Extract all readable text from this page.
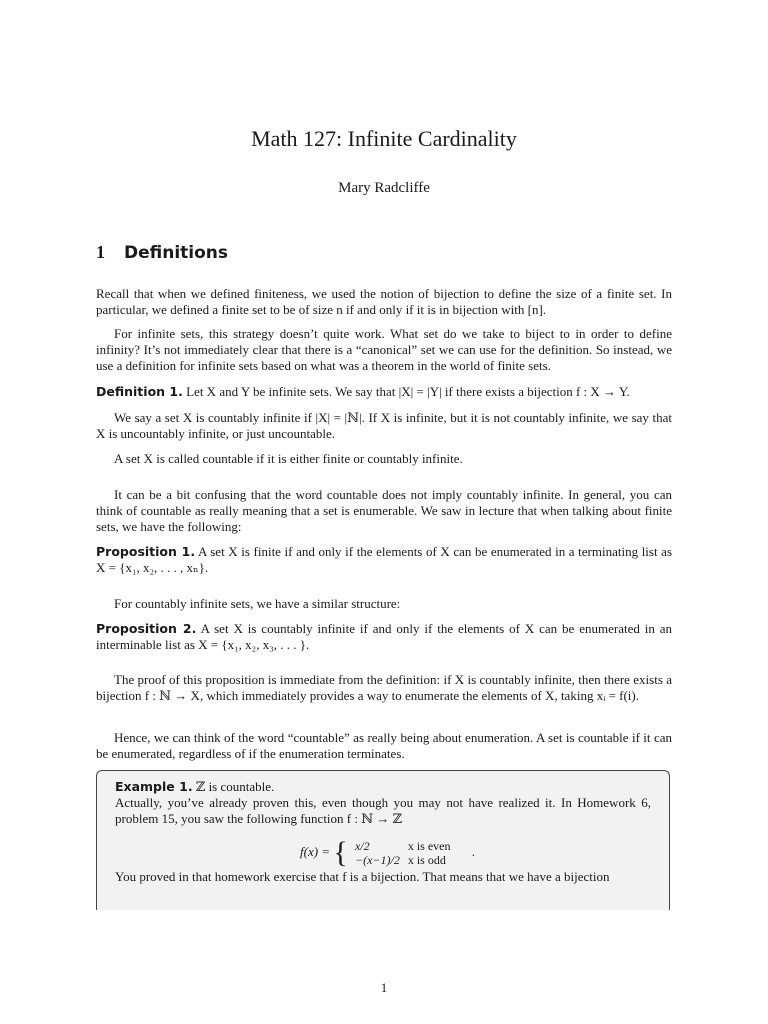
Math 127: Infinite Cardinality
Mary Radcliffe
1 Definitions
Recall that when we defined finiteness, we used the notion of bijection to define the size of a finite set. In particular, we defined a finite set to be of size n if and only if it is in bijection with [n].
For infinite sets, this strategy doesn’t quite work. What set do we take to biject to in order to define infinity? It’s not immediately clear that there is a “canonical” set we can use for the definition. So instead, we use a definition for infinite sets based on what was a theorem in the world of finite sets.
Definition 1. Let X and Y be infinite sets. We say that |X| = |Y| if there exists a bijection f : X → Y.
We say a set X is countably infinite if |X| = |ℕ|. If X is infinite, but it is not countably infinite, we say that X is uncountably infinite, or just uncountable.
A set X is called countable if it is either finite or countably infinite.
It can be a bit confusing that the word countable does not imply countably infinite. In general, you can think of countable as really meaning that a set is enumerable. We saw in lecture that when talking about finite sets, we have the following:
Proposition 1. A set X is finite if and only if the elements of X can be enumerated in a terminating list as X = {x₁, x₂, . . . , xₙ}.
For countably infinite sets, we have a similar structure:
Proposition 2. A set X is countably infinite if and only if the elements of X can be enumerated in an interminable list as X = {x₁, x₂, x₃, . . . }.
The proof of this proposition is immediate from the definition: if X is countably infinite, then there exists a bijection f : ℕ → X, which immediately provides a way to enumerate the elements of X, taking xᵢ = f(i).
Hence, we can think of the word “countable” as really being about enumeration. A set is countable if it can be enumerated, regardless of if the enumeration terminates.
Example 1. ℤ is countable.
Actually, you’ve already proven this, even though you may not have realized it. In Homework 6, problem 15, you saw the following function f : ℕ → ℤ
You proved in that homework exercise that f is a bijection. That means that we have a bijection
f(x) = { x/2	x is even
−(x−1)/2	x is odd .
1
